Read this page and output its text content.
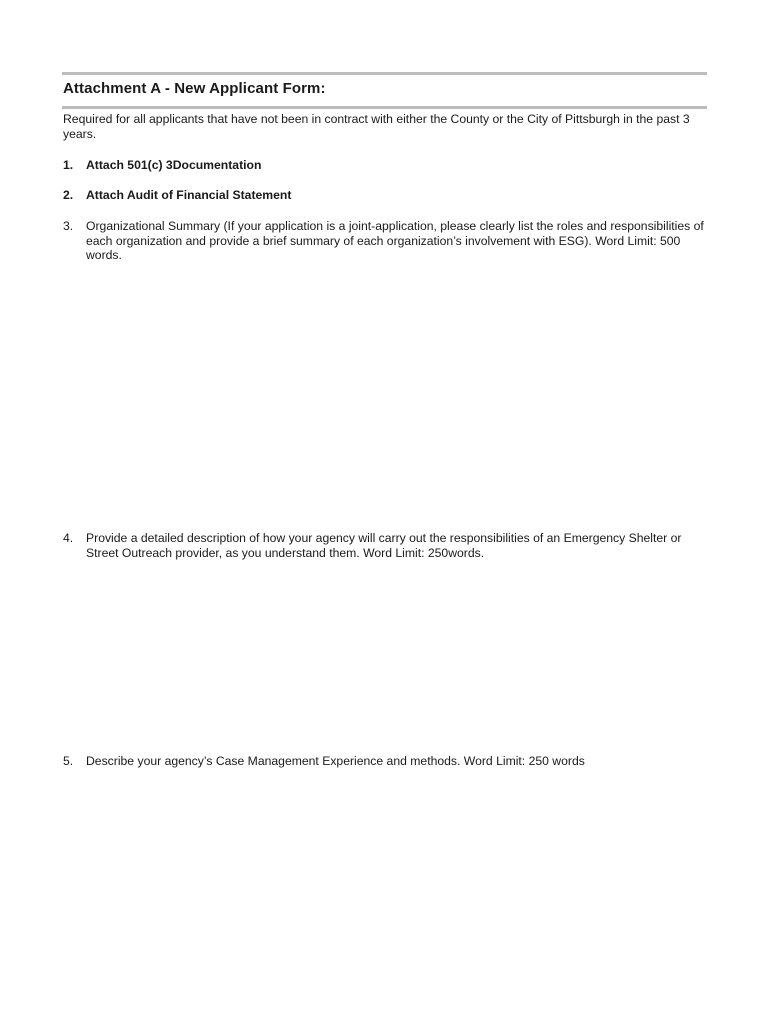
Attachment A - New Applicant Form:

Required for all applicants that have not been in contract with either the County or the City of Pittsburgh in the past 3 years.

1. Attach 501(c) 3Documentation
2. Attach Audit of Financial Statement
3. Organizational Summary (If your application is a joint-application, please clearly list the roles and responsibilities of each organization and provide a brief summary of each organization’s involvement with ESG). Word Limit: 500 words.
4. Provide a detailed description of how your agency will carry out the responsibilities of an Emergency Shelter or Street Outreach provider, as you understand them. Word Limit: 250words.
5. Describe your agency’s Case Management Experience and methods. Word Limit: 250 words
